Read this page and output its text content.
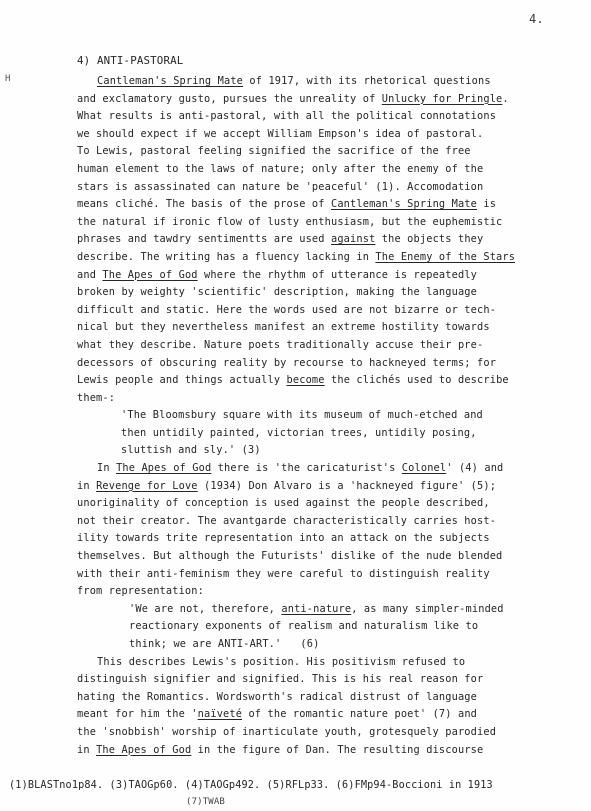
4.
H
4) ANTI-PASTORAL
Cantleman's Spring Mate of 1917, with its rhetorical questions
and exclamatory gusto, pursues the unreality of Unlucky for Pringle.
What results is anti-pastoral, with all the political connotations
we should expect if we accept William Empson's idea of pastoral.
To Lewis, pastoral feeling signified the sacrifice of the free
human element to the laws of nature; only after the enemy of the
stars is assassinated can nature be 'peaceful' (1). Accomodation
means cliché. The basis of the prose of Cantleman's Spring Mate is
the natural if ironic flow of lusty enthusiasm, but the euphemistic
phrases and tawdry sentimentts are used against the objects they
describe. The writing has a fluency lacking in The Enemy of the Stars
and The Apes of God where the rhythm of utterance is repeatedly
broken by weighty 'scientific' description, making the language
difficult and static. Here the words used are not bizarre or tech-
nical but they nevertheless manifest an extreme hostility towards
what they describe. Nature poets traditionally accuse their pre-
decessors of obscuring reality by recourse to hackneyed terms; for
Lewis people and things actually become the clichés used to describe
them-:
'The Bloomsbury square with its museum of much-etched and
then untidily painted, victorian trees, untidily posing,
sluttish and sly.' (3)
In The Apes of God there is 'the caricaturist's Colonel' (4) and
in Revenge for Love (1934) Don Alvaro is a 'hackneyed figure' (5);
unoriginality of conception is used against the people described,
not their creator. The avantgarde characteristically carries host-
ility towards trite representation into an attack on the subjects
themselves. But although the Futurists' dislike of the nude blended
with their anti-feminism they were careful to distinguish reality
from representation:
'We are not, therefore, anti-nature, as many simpler-minded
reactionary exponents of realism and naturalism like to
think; we are ANTI-ART.'   (6)
This describes Lewis's position. His positivism refused to
distinguish signifier and signified. This is his real reason for
hating the Romantics. Wordsworth's radical distrust of language
meant for him the 'naïveté of the romantic nature poet' (7) and
the 'snobbish' worship of inarticulate youth, grotesquely parodied
in The Apes of God in the figure of Dan. The resulting discourse
(1)BLASTno1p84. (3)TAOGp60. (4)TAOGp492. (5)RFLp33. (6)FMp94-Boccioni in 1913
(7)TWAB
